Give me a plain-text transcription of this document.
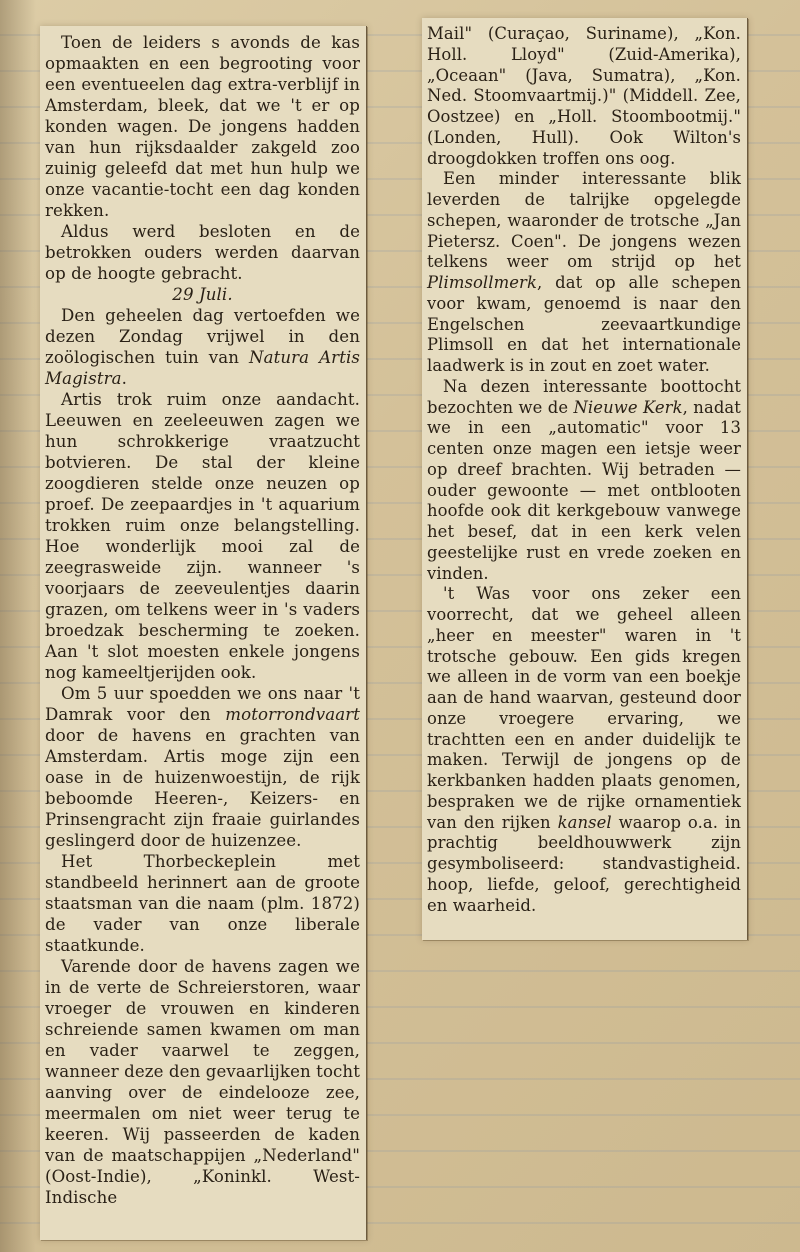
Toen de leiders s avonds de kas opmaakten en een begrooting voor een eventueelen dag extra-verblijf in Amsterdam, bleek, dat we 't er op konden wagen. De jongens hadden van hun rijksdaalder zakgeld zoo zuinig geleefd dat met hun hulp we onze vacantie-tocht een dag konden rekken.

Aldus werd besloten en de betrokken ouders werden daarvan op de hoogte gebracht.

29 Juli.

Den geheelen dag vertoefden we dezen Zondag vrijwel in den zoölogischen tuin van Natura Artis Magistra.

Artis trok ruim onze aandacht. Leeuwen en zeeleeuwen zagen we hun schrokkerige vraatzucht botvieren. De stal der kleine zoogdieren stelde onze neuzen op proef. De zeepaardjes in 't aquarium trokken ruim onze belangstelling. Hoe wonderlijk mooi zal de zeegrasweide zijn. wanneer 's voorjaars de zeeveulentjes daarin grazen, om telkens weer in 's vaders broedzak bescherming te zoeken. Aan 't slot moesten enkele jongens nog kameeltjerijden ook.

Om 5 uur spoedden we ons naar 't Damrak voor den motorrondvaart door de havens en grachten van Amsterdam. Artis moge zijn een oase in de huizenwoestijn, de rijk beboomde Heeren-, Keizers- en Prinsengracht zijn fraaie guirlandes geslingerd door de huizenzee.

Het Thorbeckeplein met standbeeld herinnert aan de groote staatsman van die naam (plm. 1872) de vader van onze liberale staatkunde.

Varende door de havens zagen we in de verte de Schreierstoren, waar vroeger de vrouwen en kinderen schreiende samen kwamen om man en vader vaarwel te zeggen, wanneer deze den gevaarlijken tocht aanving over de eindelooze zee, meermalen om niet weer terug te keeren. Wij passeerden de kaden van de maatschappijen „Nederland" (Oost-Indie), „Koninkl. West-Indische

Mail" (Curaçao, Suriname), „Kon. Holl. Lloyd" (Zuid-Amerika), „Oceaan" (Java, Sumatra), „Kon. Ned. Stoomvaartmij.)" (Middell. Zee, Oostzee) en „Holl. Stoombootmij." (Londen, Hull). Ook Wilton's droogdokken troffen ons oog.

Een minder interessante blik leverden de talrijke opgelegde schepen, waaronder de trotsche „Jan Pietersz. Coen". De jongens wezen telkens weer om strijd op het Plimsollmerk, dat op alle schepen voor kwam, genoemd is naar den Engelschen zeevaartkundige Plimsoll en dat het internationale laadwerk is in zout en zoet water.

Na dezen interessante boottocht bezochten we de Nieuwe Kerk, nadat we in een „automatic" voor 13 centen onze magen een ietsje weer op dreef brachten. Wij betraden — ouder gewoonte — met ontblooten hoofde ook dit kerkgebouw vanwege het besef, dat in een kerk velen geestelijke rust en vrede zoeken en vinden.

't Was voor ons zeker een voorrecht, dat we geheel alleen „heer en meester" waren in 't trotsche gebouw. Een gids kregen we alleen in de vorm van een boekje aan de hand waarvan, gesteund door onze vroegere ervaring, we trachtten een en ander duidelijk te maken. Terwijl de jongens op de kerkbanken hadden plaats genomen, bespraken we de rijke ornamentiek van den rijken kansel waarop o.a. in prachtig beeldhouwwerk zijn gesymboliseerd: standvastigheid. hoop, liefde, geloof, gerechtigheid en waarheid.
